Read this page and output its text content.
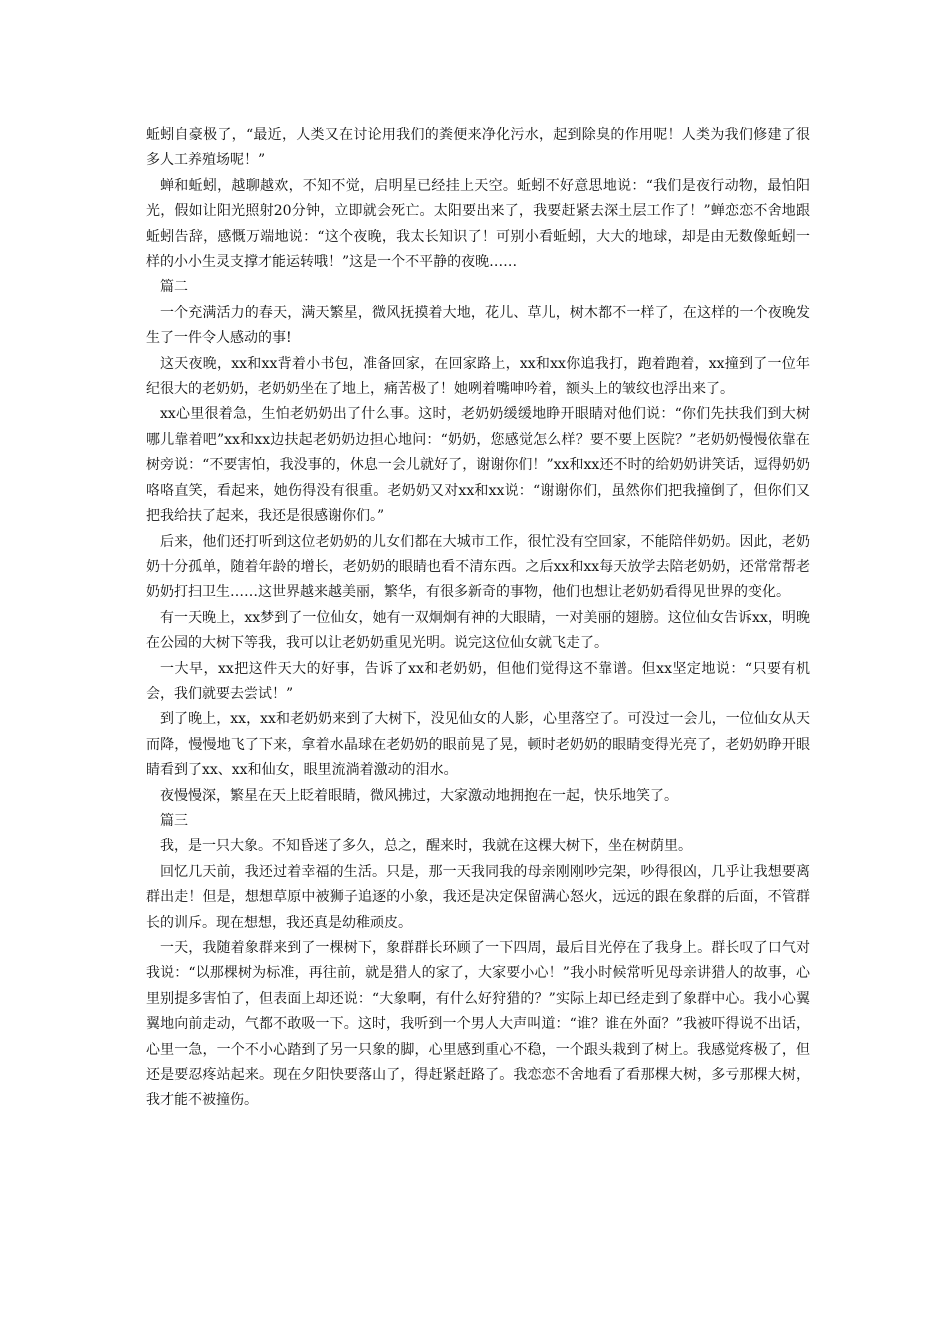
蚯蚓自豪极了，“最近，人类又在讨论用我们的粪便来净化污水，起到除臭的作用呢！人类为我们修建了很多人工养殖场呢！”

蝉和蚯蚓，越聊越欢，不知不觉，启明星已经挂上天空。蚯蚓不好意思地说：“我们是夜行动物，最怕阳光，假如让阳光照射20分钟，立即就会死亡。太阳要出来了，我要赶紧去深土层工作了！”蝉恋恋不舍地跟蚯蚓告辞，感慨万端地说：“这个夜晚，我太长知识了！可别小看蚯蚓，大大的地球，却是由无数像蚯蚓一样的小小生灵支撑才能运转哦！”这是一个不平静的夜晚……

篇二

一个充满活力的春天，满天繁星，微风抚摸着大地，花儿、草儿，树木都不一样了，在这样的一个夜晚发生了一件令人感动的事!

这天夜晚，xx和xx背着小书包，准备回家，在回家路上，xx和xx你追我打，跑着跑着，xx撞到了一位年纪很大的老奶奶，老奶奶坐在了地上，痛苦极了！她咧着嘴呻吟着，额头上的皱纹也浮出来了。

xx心里很着急，生怕老奶奶出了什么事。这时，老奶奶缓缓地睁开眼睛对他们说：“你们先扶我们到大树哪儿靠着吧”xx和xx边扶起老奶奶边担心地问：“奶奶，您感觉怎么样？要不要上医院？”老奶奶慢慢依靠在树旁说：“不要害怕，我没事的，休息一会儿就好了，谢谢你们！”xx和xx还不时的给奶奶讲笑话，逗得奶奶咯咯直笑，看起来，她伤得没有很重。老奶奶又对xx和xx说：“谢谢你们，虽然你们把我撞倒了，但你们又把我给扶了起来，我还是很感谢你们。”

后来，他们还打听到这位老奶奶的儿女们都在大城市工作，很忙没有空回家，不能陪伴奶奶。因此，老奶奶十分孤单，随着年龄的增长，老奶奶的眼睛也看不清东西。之后xx和xx每天放学去陪老奶奶，还常常帮老奶奶打扫卫生……这世界越来越美丽，繁华，有很多新奇的事物，他们也想让老奶奶看得见世界的变化。

有一天晚上，xx梦到了一位仙女，她有一双炯炯有神的大眼睛，一对美丽的翅膀。这位仙女告诉xx，明晚在公园的大树下等我，我可以让老奶奶重见光明。说完这位仙女就飞走了。

一大早，xx把这件天大的好事，告诉了xx和老奶奶，但他们觉得这不靠谱。但xx坚定地说：“只要有机会，我们就要去尝试！”

到了晚上，xx，xx和老奶奶来到了大树下，没见仙女的人影，心里落空了。可没过一会儿，一位仙女从天而降，慢慢地飞了下来，拿着水晶球在老奶奶的眼前晃了晃，顿时老奶奶的眼睛变得光亮了，老奶奶睁开眼睛看到了xx、xx和仙女，眼里流淌着激动的泪水。

夜慢慢深，繁星在天上眨着眼睛，微风拂过，大家激动地拥抱在一起，快乐地笑了。

篇三

我，是一只大象。不知昏迷了多久，总之，醒来时，我就在这棵大树下，坐在树荫里。

回忆几天前，我还过着幸福的生活。只是，那一天我同我的母亲刚刚吵完架，吵得很凶，几乎让我想要离群出走！但是，想想草原中被狮子追逐的小象，我还是决定保留满心怒火，远远的跟在象群的后面，不管群长的训斥。现在想想，我还真是幼稚顽皮。

一天，我随着象群来到了一棵树下，象群群长环顾了一下四周，最后目光停在了我身上。群长叹了口气对我说：“以那棵树为标准，再往前，就是猎人的家了，大家要小心！”我小时候常听见母亲讲猎人的故事，心里别提多害怕了，但表面上却还说：“大象啊，有什么好狩猎的？”实际上却已经走到了象群中心。我小心翼翼地向前走动，气都不敢吸一下。这时，我听到一个男人大声叫道：“谁？谁在外面？”我被吓得说不出话，心里一急，一个不小心踏到了另一只象的脚，心里感到重心不稳，一个跟头栽到了树上。我感觉疼极了，但还是要忍疼站起来。现在夕阳快要落山了，得赶紧赶路了。我恋恋不舍地看了看那棵大树，多亏那棵大树，我才能不被撞伤。
